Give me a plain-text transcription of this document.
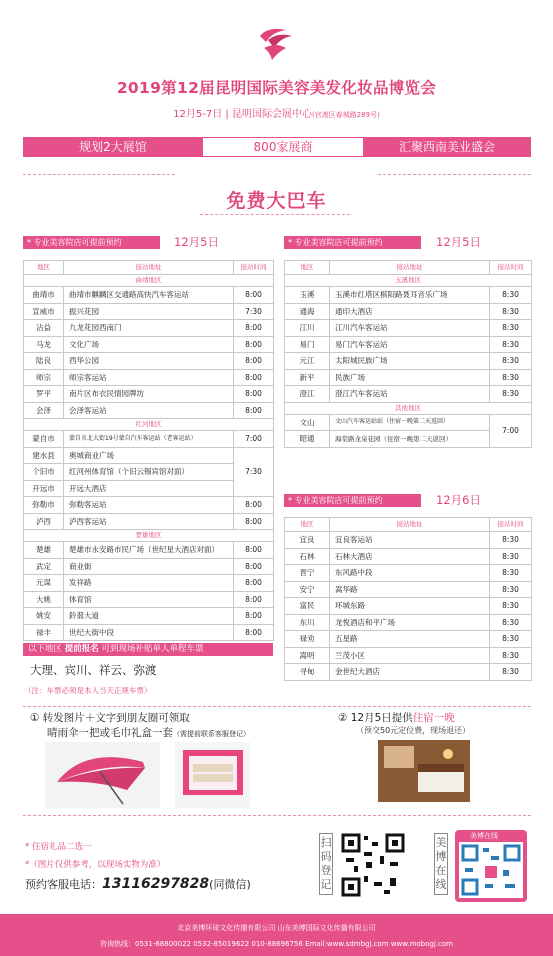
2019第12届昆明国际美容美发化妆品博览会
12月5-7日 | 昆明国际会展中心(官渡区春城路289号)
规划2大展馆	800家展商	汇聚西南美业盛会
免费大巴车
* 专业美容院店可提前预约	12月5日
地区	接站地址	接站时间
曲靖地区		
曲靖市	曲靖市麒麟区交通路高快汽车客运站	8:00
宣威市	振兴花园	7:30
沾益	九龙花园西南门	8:00
马龙	文化广场	8:00
陆良	西华公园	8:00
师宗	师宗客运站	8:00
罗平	南片区布衣民情园牌坊	8:00
会泽	会泽客运站	8:00
红河地区		
蒙自市	蒙自市北大街19号蒙自汽车客运站（老客运站）	7:00
建水县	奥城商业广场	7:30
个旧市	红河州体育馆（个旧云锡宾馆对面）	
开远市	开远大酒店	
弥勒市	弥勒客运站	8:00
泸西	泸西客运站	8:00
楚雄地区		
楚雄	楚雄市永安路市民广场（世纪星大酒店对面）	8:00
武定	商业街	8:00
元谋	发祥路	8:00
大姚	体育馆	8:00
姚安	鈴蒻大道	8:00
禄丰	世纪大街中段	8:00
* 专业美容院店可提前预约	12月5日
地区	接站地址	接站时间
玉溪地区		
玉溪	玉溪市红塔区棋阳路聂耳音乐广场	8:30
通海	通印大酒店	8:30
江川	江川汽车客运站	8:30
易门	易门汽车客运站	8:30
元江	太阳城民族广场	8:30
新平	民族广场	8:30
澄江	澄江汽车客运站	8:30
其他地区		
文山	文山汽车客运站站（住宿一晚第二天返回）	7:00
昭通	海棠路龙泉花园（住宿一晚第二天返回）	
* 专业美容院店可提前预约	12月6日
地区	接站地址	接站时间
宜良	宜良客运站	8:30
石林	石林大酒店	8:30
晋宁	东风路中段	8:30
安宁	嵩华路	8:30
富民	环城东路	8:30
东川	龙悦酒店和平广场	8:30
禄劝	五星路	8:30
嵩明	兰茂小区	8:30
寻甸	金世纪大酒店	8:30
以下地区 提前报名 可到现场补贴单人单程车票
大理、宾川、祥云、弥渡
（注：车票必须是本人当天正规车票）
① 转发图片＋文字到朋友圈可领取
晴雨伞一把或毛巾礼盒一套（需提前联系客服登记）
② 12月5日提供住宿一晚
（预交50元定位费，现场退还）
* 住宿礼品二选一
*（图片仅供参考，以现场实物为准）
预约客服电话：13116297828(同微信)
扫码登记
美博在线
美博在线
北京美博环球文化传播有限公司 山东美博国际文化传播有限公司
咨询热线：0531-68800022 0532-85019622 010-88696756 Email:www.sdmbgj.com www.mobogj.com
